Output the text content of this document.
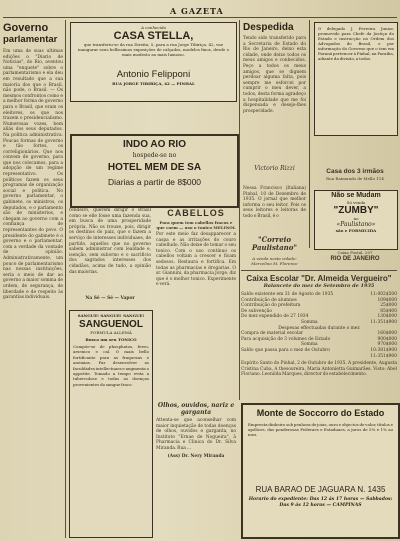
A GAZETA
Governo
parlamentar
Em uma de suas ultimas edições o "Diario de Noticias", do Rio, aventou uma "enquete" sobre o parlamentarismo e ela deu em resultado que a sua maioria dos que o Brasil, não pode, o Brasil. — Os mesmos confrontos como e a melhor forma de governo para o Brasil, que eram os eleitores, os que nos trazem o presidencialismo. Numerosas vozes, bem aliás dos seus deputados. Na politica administrativa. Poucas formas de governo e tão fortes, os correligionários. Que nos convem de governo, para que nos colocamos, para a adopção de um regime representativo. Os políticos fazem os seus programas de organização social e politica. No governo parlamentar, o gabinete, os ministros, os deputados, e o parlamento são de ministerios, e chegam ao governo com a confiança de representantes do povo. O presidente do gabinete é o governo e o parlamentar, com a verdade da vontade de opinião. Administrativamente, um pouco de parlamentarismo nas nossas instituições, seria o meio de dar ao governo a maior somma de ordem, de segurança, de liberdade e de respeito às garantias individuais.
A conhecida
CASA STELLA,
que transferiu-se da rua Direita, 5, para a rua Jorge Tibiriça, 42, vae inaugurar seus bellissimos exposições de calçados, modelos finos, desde o mais modesto ao mais luxuoso.
Antonio Felipponi
RUA JORGE TIBIRIÇA, 42 — PINHAL
INDO AO RIO
hospede-se no
HOTEL MEM DE SA
Diarias a partir de 8$000
rendeiro, querem dirigir o Brasil como se elle fosse uma fazenda sua, em busca de uma prosperidade própria. Não os trouxe, pois, dirigir os destinos do paiz, que o fazem a serviço de interesses individuaes, de partido, aquellos que no governo sabem administrar com lealdade e, isenção, sem suborno e o sacrificio dos sagrados interesses dos cidadãos, acima de tudo, a opinião das maiorias.
Na Sé — Sé — Vapor
SANGUE! SANGUE! SANGUE!
SANGUENOL
FORMULA ALLEMÃ
Busca um seu TONICO
Compõe-se de phosphatos, ferro, arsenico e cal. O mais bello fortificante para as fraquezas e anemias. Faz desenvolver as faculdades intellectuaes e augmenta o appetite. Tomado a tempo evita a tuberculose e todas as doenças provenientes do sangue fraco.
CABELLOS
Para quem tem cabellos fracos e que caem — uso o tonico MELINOL
Por este meio faz desapparecer a caspa e as irritações do couro cabelludo. Não deixe de tomar o seu tonico. Com o uso contínuo os cabellos voltam a crescer e ficam sedosos. Restaura e fortifica. Em todas as pharmacias e drogarias. O sr. Giannini, da pharmacia Jorge, diz que é o melhor tonico. Experimente e verá.
Olhos, ouvidos, nariz e garganta
Attenta-se que aconselhar com maior inquietação de todas doenças de olhos, ouvidos e garganta, no Instituto "Ernae de Nogueira", à Pharmacia e Clinica do Dr. Silva Miranda. Rua ...
(Ass) Dr. Nery Miranda
Despedida
Tendo sido transferido para a Secretaria de Estado do Rio de Janeiro, deixo esta cidade, onde deixo todos os meus amigos e conhecidos. Peço a todos os meus amigos, que se dignem perdoar alguma falta, pois sempre me esforcei por cumprir o meu dever, a todos, desta forma agradeço a hospitalidade que me foi dispensada e desejo-lhes prosperidade.
Victorio Rizzi
Nessa Francisco (Italiana) Pinhal, 10 de Dezembro de 1935. O jornal que melhor informa o seu leitor. Pois os seus leitores e leitoras de todo o Brasil, é o
"Correio Paulistano"
A venda nesta cidade: Marcelino M. Florence
O delegado J. Ferreira Junior, promovido para Chefe da Justiça do Estado e instrucção no Ordem dos Advogados do Brasil, e por informação do Governo que o tem em Paraná pertencer à Pinhal, na Paraíba, adiante da divisão, a todos.
Casa dos 3 irmãos
Rua Raimundo de Mello 114
Não se Mudam
Só vendo
"ZUMBY"
no
«Paulistano»
xão e FORMICIDA
Caixa Postal, 207
RIO DE JANEIRO
Caixa Escolar "Dr. Almeida Vergueiro"
Balancete do mez de Setembro de 1935
Saldo existente em 31 de Agosto de 1935	11:002$500
Contribuição de alumnos	109$000
Contribuição do prefeitura	25$000
De subvenção	85$400
Do mez expendido de 27 1934	130$000
Somma	11:351$900
Despesas effectuadas durante o mez
Compra de material escolar	160$000
Para acquisição de 3 volumes de Estado	900$000
Somma	970$000
Saldo que passa para o mez de Outubro	10:381$900
11:351$900
Espírito Santo do Pinhal, 2 de Outubro de 1935. A presidente, Augusta Cristina Cuba, A thesoureira, Maria Antonietta Guimarães. Visto: Abel Floriano. Leonilda Marques, director do estabelecimento.
Monte de Soccorro do Estado
Empresta dinheiro sob penhora de joias, ouro e objectos de valor, títulos e apólices, das ponderosas Federaes e Estaduaes, a juros de 5% e 1% ao mez.
RUA BARAO DE JAGUARA N. 1435
Horario do expediente: Das 12 ás 17 horas — Sabbados: Das 9 ás 12 horas — CAMPINAS
